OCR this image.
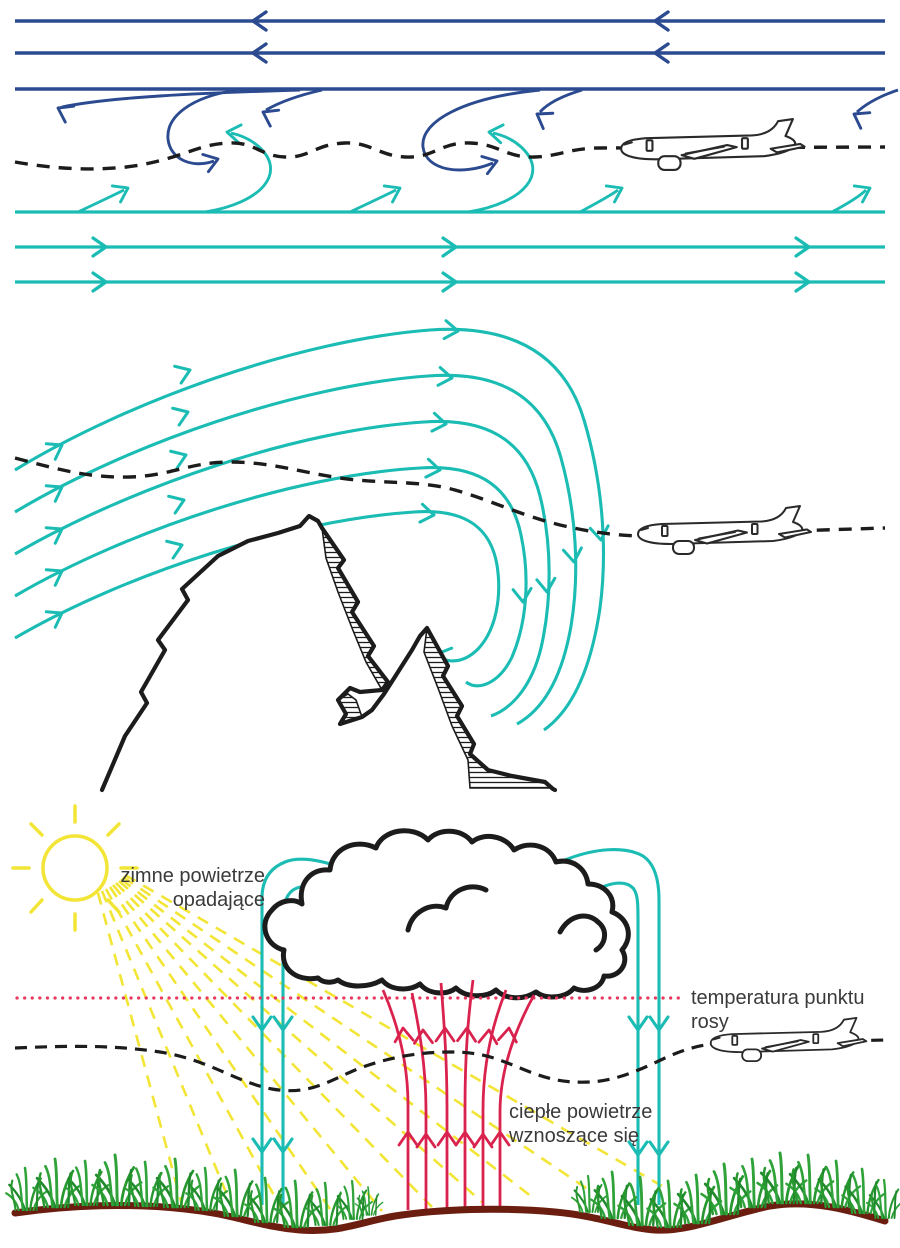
zimne powietrze
opadające
temperatura punktu rosy
ciepłe powietrze
wznoszące się
